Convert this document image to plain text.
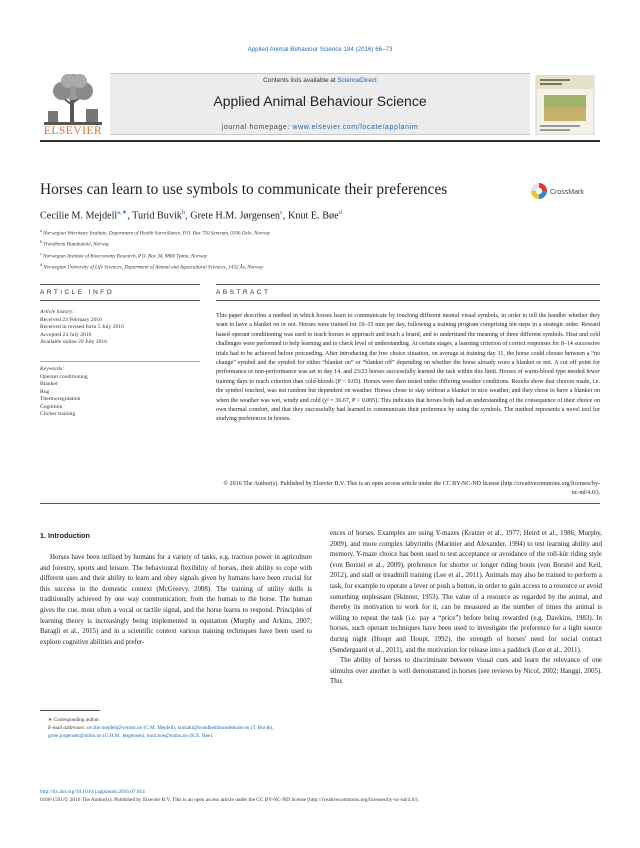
Applied Animal Behaviour Science 184 (2016) 66–73
ELSEVIER
Contents lists available at ScienceDirect
Applied Animal Behaviour Science
journal homepage: www.elsevier.com/locate/applanim
Horses can learn to use symbols to communicate their preferences	CrossMark
Cecilie M. Mejdell$^{a,∗}$, Turid Buvik$^b$, Grete H.M. Jørgensen$^c$, Knut E. Bøe$^d$
$^a$ Norwegian Veterinary Institute, Department of Health Surveillance, P.O. Box 750 Sentrum, 0106 Oslo, Norway
$^b$ Trondheim Hundeskole, Norway
$^c$ Norwegian Institute of Bioeconomy Research, P.O. Box 34, 8860 Tjøtta, Norway
$^d$ Norwegian University of Life Sciences, Department of Animal and Aquacultural Sciences, 1432 Ås, Norway
ARTICLE INFO	ABSTRACT
Article history:
Received 23 February 2016
Received in revised form 5 July 2016
Accepted 24 July 2016
Available online 29 July 2016
Keywords:
Operant conditioning
Blanket
Rug
Thermoregulation
Cognition
Clicker training
This paper describes a method in which horses learn to communicate by touching different neutral visual symbols, in order to tell the handler whether they want to have a blanket on or not. Horses were trained for 10–15 min per day, following a training program comprising ten steps in a strategic order. Reward based operant conditioning was used to teach horses to approach and touch a board, and to understand the meaning of three different symbols. Heat and cold challenges were performed to help learning and to check level of understanding. At certain stages, a learning criterion of correct responses for 8–14 successive trials had to be achieved before proceeding. After introducing the free choice situation, on average at training day 11, the horse could choose between a “no change” symbol and the symbol for either “blanket on” or “blanket off” depending on whether the horse already wore a blanket or not. A cut off point for performance or non-performance was set to day 14, and 23/23 horses successfully learned the task within this limit. Horses of warm-blood type needed fewer training days to reach criterion than cold-bloods (P < 0.05). Horses were then tested under differing weather conditions. Results show that choices made, i.e. the symbol touched, was not random but dependent on weather. Horses chose to stay without a blanket in nice weather, and they chose to have a blanket on when the weather was wet, windy and cold (χ² = 36.67, P < 0.005). This indicates that horses both had an understanding of the consequence of their choice on own thermal comfort, and that they successfully had learned to communicate their preference by using the symbols. The method represents a novel tool for studying preferences in horses.
© 2016 The Author(s). Published by Elsevier B.V. This is an open access article under the CC BY-NC-ND license (http://creativecommons.org/licenses/by-nc-nd/4.0/).
1. Introduction
Horses have been utilised by humans for a variety of tasks, e.g. traction power in agriculture and forestry, sports and leisure. The behavioural flexibility of horses, their ability to cope with different uses and their ability to learn and obey signals given by humans have been crucial for this success in the domestic context (McGreevy, 2008). The training of utility skills is traditionally achieved by one way communication; from the human to the horse. The human gives the cue, most often a vocal or tactile signal, and the horse learns to respond. Principles of learning theory is increasingly being implemented in equitation (Murphy and Arkins, 2007; Baragli et al., 2015) and in a scientific context various training techniques have been used to explore cognitive abilities and prefer-
ences of horses. Examples are using Y-mazes (Kratzer et al., 1977; Heird et al., 1986; Murphy, 2009), and more complex labyrinths (Marinier and Alexander, 1994) to test learning ability and memory. Y-maze choice has been used to test acceptance or avoidance of the roll-kür riding style (von Borstel et al., 2009), preference for shorter or longer riding bouts (von Borstel and Keil, 2012), and stall or treadmill training (Lee et al., 2011). Animals may also be trained to perform a task, for example to operate a lever or push a button, in order to gain access to a resource or avoid something unpleasant (Skinner, 1953). The value of a resource as regarded by the animal, and thereby its motivation to work for it, can be measured as the number of times the animal is willing to repeat the task (i.e. pay a “price”) before being rewarded (e.g. Dawkins, 1983). In horses, such operant techniques have been used to investigate the preference for a light source during night (Houpt and Houpt, 1992), the strength of horses' need for social contact (Søndergaard et al., 2011), and the motivation for release into a paddock (Lee et al., 2011).
The ability of horses to discriminate between visual cues and learn the relevance of one stimulus over another is well demonstrated in horses (see reviews by Nicol, 2002; Hanggi, 2005). This
∗ Corresponding author.
E-mail addresses: cecilie.mejdell@vetinst.no (C.M. Mejdell), kontakt@trondheimhundeskole.no (T. Buvik), grete.jorgensen@nibio.no (G.H.M. Jørgensen), knut.boe@nmbu.no (K.E. Bøe).
http://dx.doi.org/10.1016/j.applanim.2016.07.014
0168-1591/© 2016 The Author(s). Published by Elsevier B.V. This is an open access article under the CC BY-NC-ND license (http://creativecommons.org/licenses/by-nc-nd/4.0/).
